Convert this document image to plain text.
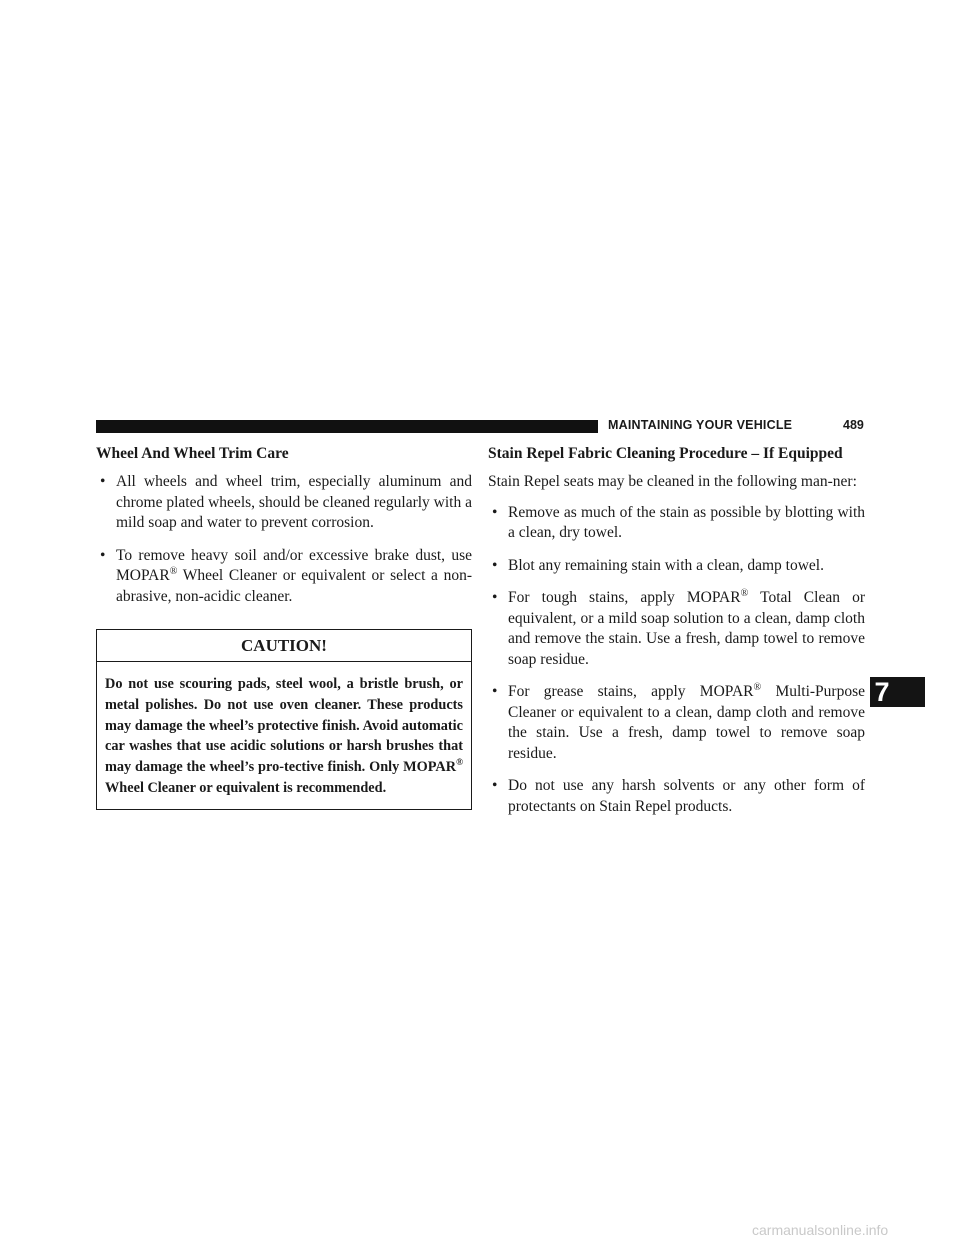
MAINTAINING YOUR VEHICLE	489
Wheel And Wheel Trim Care
• All wheels and wheel trim, especially aluminum and chrome plated wheels, should be cleaned regularly with a mild soap and water to prevent corrosion.
• To remove heavy soil and/or excessive brake dust, use MOPAR® Wheel Cleaner or equivalent or select a non-abrasive, non-acidic cleaner.
CAUTION!
Do not use scouring pads, steel wool, a bristle brush, or metal polishes. Do not use oven cleaner. These products may damage the wheel’s protective finish. Avoid automatic car washes that use acidic solutions or harsh brushes that may damage the wheel’s pro-tective finish. Only MOPAR® Wheel Cleaner or equivalent is recommended.
Stain Repel Fabric Cleaning Procedure – If Equipped
Stain Repel seats may be cleaned in the following man-ner:
• Remove as much of the stain as possible by blotting with a clean, dry towel.
• Blot any remaining stain with a clean, damp towel.
• For tough stains, apply MOPAR® Total Clean or equivalent, or a mild soap solution to a clean, damp cloth and remove the stain. Use a fresh, damp towel to remove soap residue.
• For grease stains, apply MOPAR® Multi-Purpose Cleaner or equivalent to a clean, damp cloth and remove the stain. Use a fresh, damp towel to remove soap residue.
• Do not use any harsh solvents or any other form of protectants on Stain Repel products.
7
carmanualsonline.info
